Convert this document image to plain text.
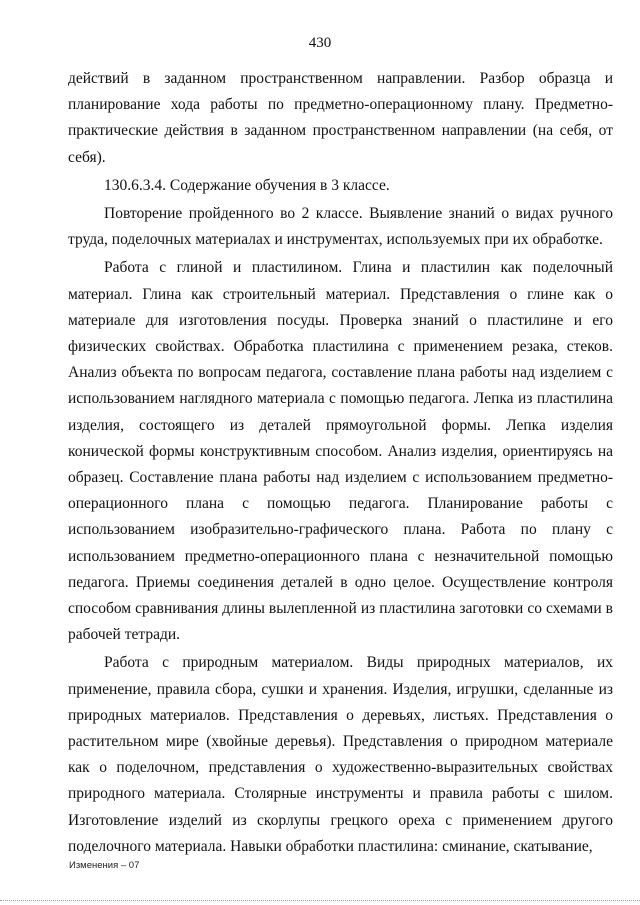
430

действий в заданном пространственном направлении. Разбор образца и планирование хода работы по предметно-операционному плану. Предметно-практические действия в заданном пространственном направлении (на себя, от себя).

130.6.3.4. Содержание обучения в 3 классе.

Повторение пройденного во 2 классе. Выявление знаний о видах ручного труда, поделочных материалах и инструментах, используемых при их обработке.

Работа с глиной и пластилином. Глина и пластилин как поделочный материал. Глина как строительный материал. Представления о глине как о материале для изготовления посуды. Проверка знаний о пластилине и его физических свойствах. Обработка пластилина с применением резака, стеков. Анализ объекта по вопросам педагога, составление плана работы над изделием с использованием наглядного материала с помощью педагога. Лепка из пластилина изделия, состоящего из деталей прямоугольной формы. Лепка изделия конической формы конструктивным способом. Анализ изделия, ориентируясь на образец. Составление плана работы над изделием с использованием предметно-операционного плана с помощью педагога. Планирование работы с использованием изобразительно-графического плана. Работа по плану с использованием предметно-операционного плана с незначительной помощью педагога. Приемы соединения деталей в одно целое. Осуществление контроля способом сравнивания длины вылепленной из пластилина заготовки со схемами в рабочей тетради.

Работа с природным материалом. Виды природных материалов, их применение, правила сбора, сушки и хранения. Изделия, игрушки, сделанные из природных материалов. Представления о деревьях, листьях. Представления о растительном мире (хвойные деревья). Представления о природном материале как о поделочном, представления о художественно-выразительных свойствах природного материала. Столярные инструменты и правила работы с шилом. Изготовление изделий из скорлупы грецкого ореха с применением другого поделочного материала. Навыки обработки пластилина: сминание, скатывание,

Изменения – 07
